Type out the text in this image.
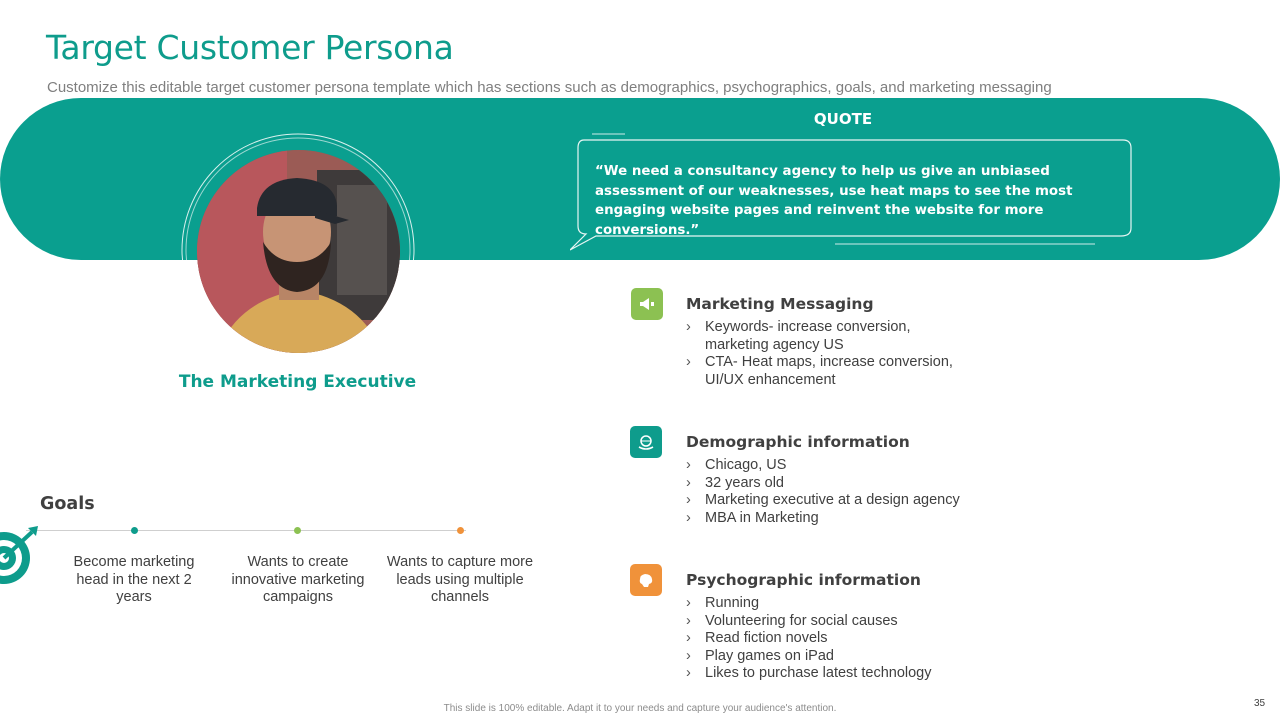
Target Customer Persona
Customize this editable target customer persona template which has sections such as demographics, psychographics, goals, and marketing messaging
QUOTE
“We need a consultancy agency to help us give an unbiased assessment of our weaknesses, use heat maps to see the most engaging website pages and reinvent the website for more conversions.”
The Marketing Executive
Marketing Messaging
› Keywords- increase conversion, marketing agency US
› CTA- Heat maps, increase conversion, UI/UX enhancement
Demographic information
› Chicago, US
› 32 years old
› Marketing executive at a design agency
› MBA in Marketing
Psychographic information
› Running
› Volunteering for social causes
› Read fiction novels
› Play games on iPad
› Likes to purchase latest technology
Goals
Become marketing head in the next 2 years
Wants to create innovative marketing campaigns
Wants to capture more leads using multiple channels
This slide is 100% editable. Adapt it to your needs and capture your audience's attention.	35
